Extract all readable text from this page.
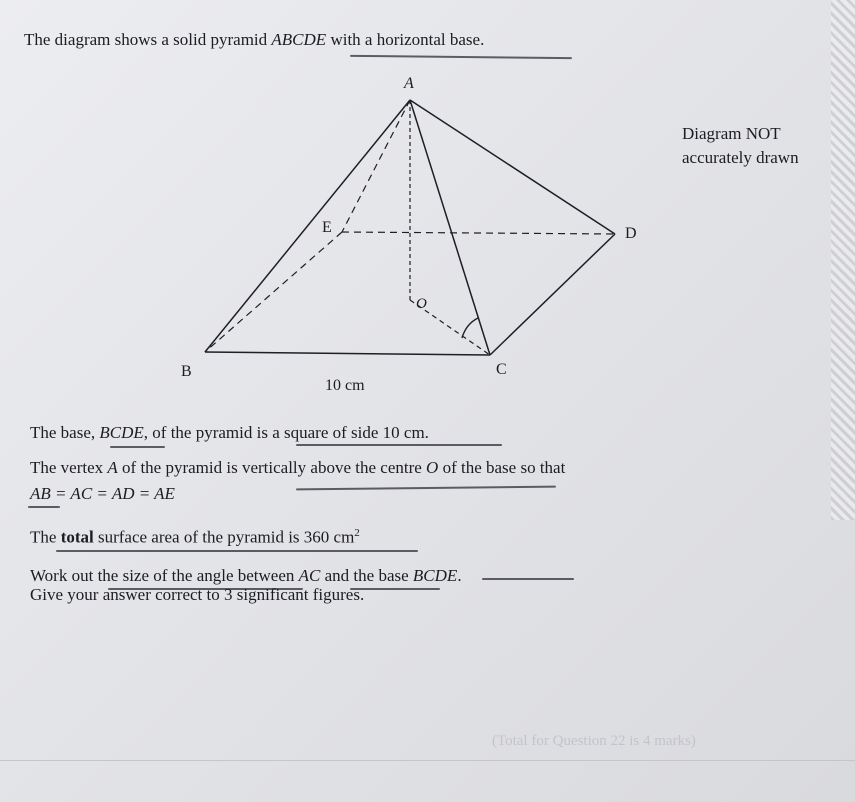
The diagram shows a solid pyramid ABCDE with a horizontal base.
Diagram NOT
accurately drawn
A
E	D
B	C
O
10 cm
The base, BCDE, of the pyramid is a square of side 10 cm.
The vertex A of the pyramid is vertically above the centre O of the base so that
AB = AC = AD = AE
The total surface area of the pyramid is 360 $cm^2$
Work out the size of the angle between AC and the base BCDE.
Give your answer correct to 3 significant figures.
(Total for Question 22 is 4 marks)
